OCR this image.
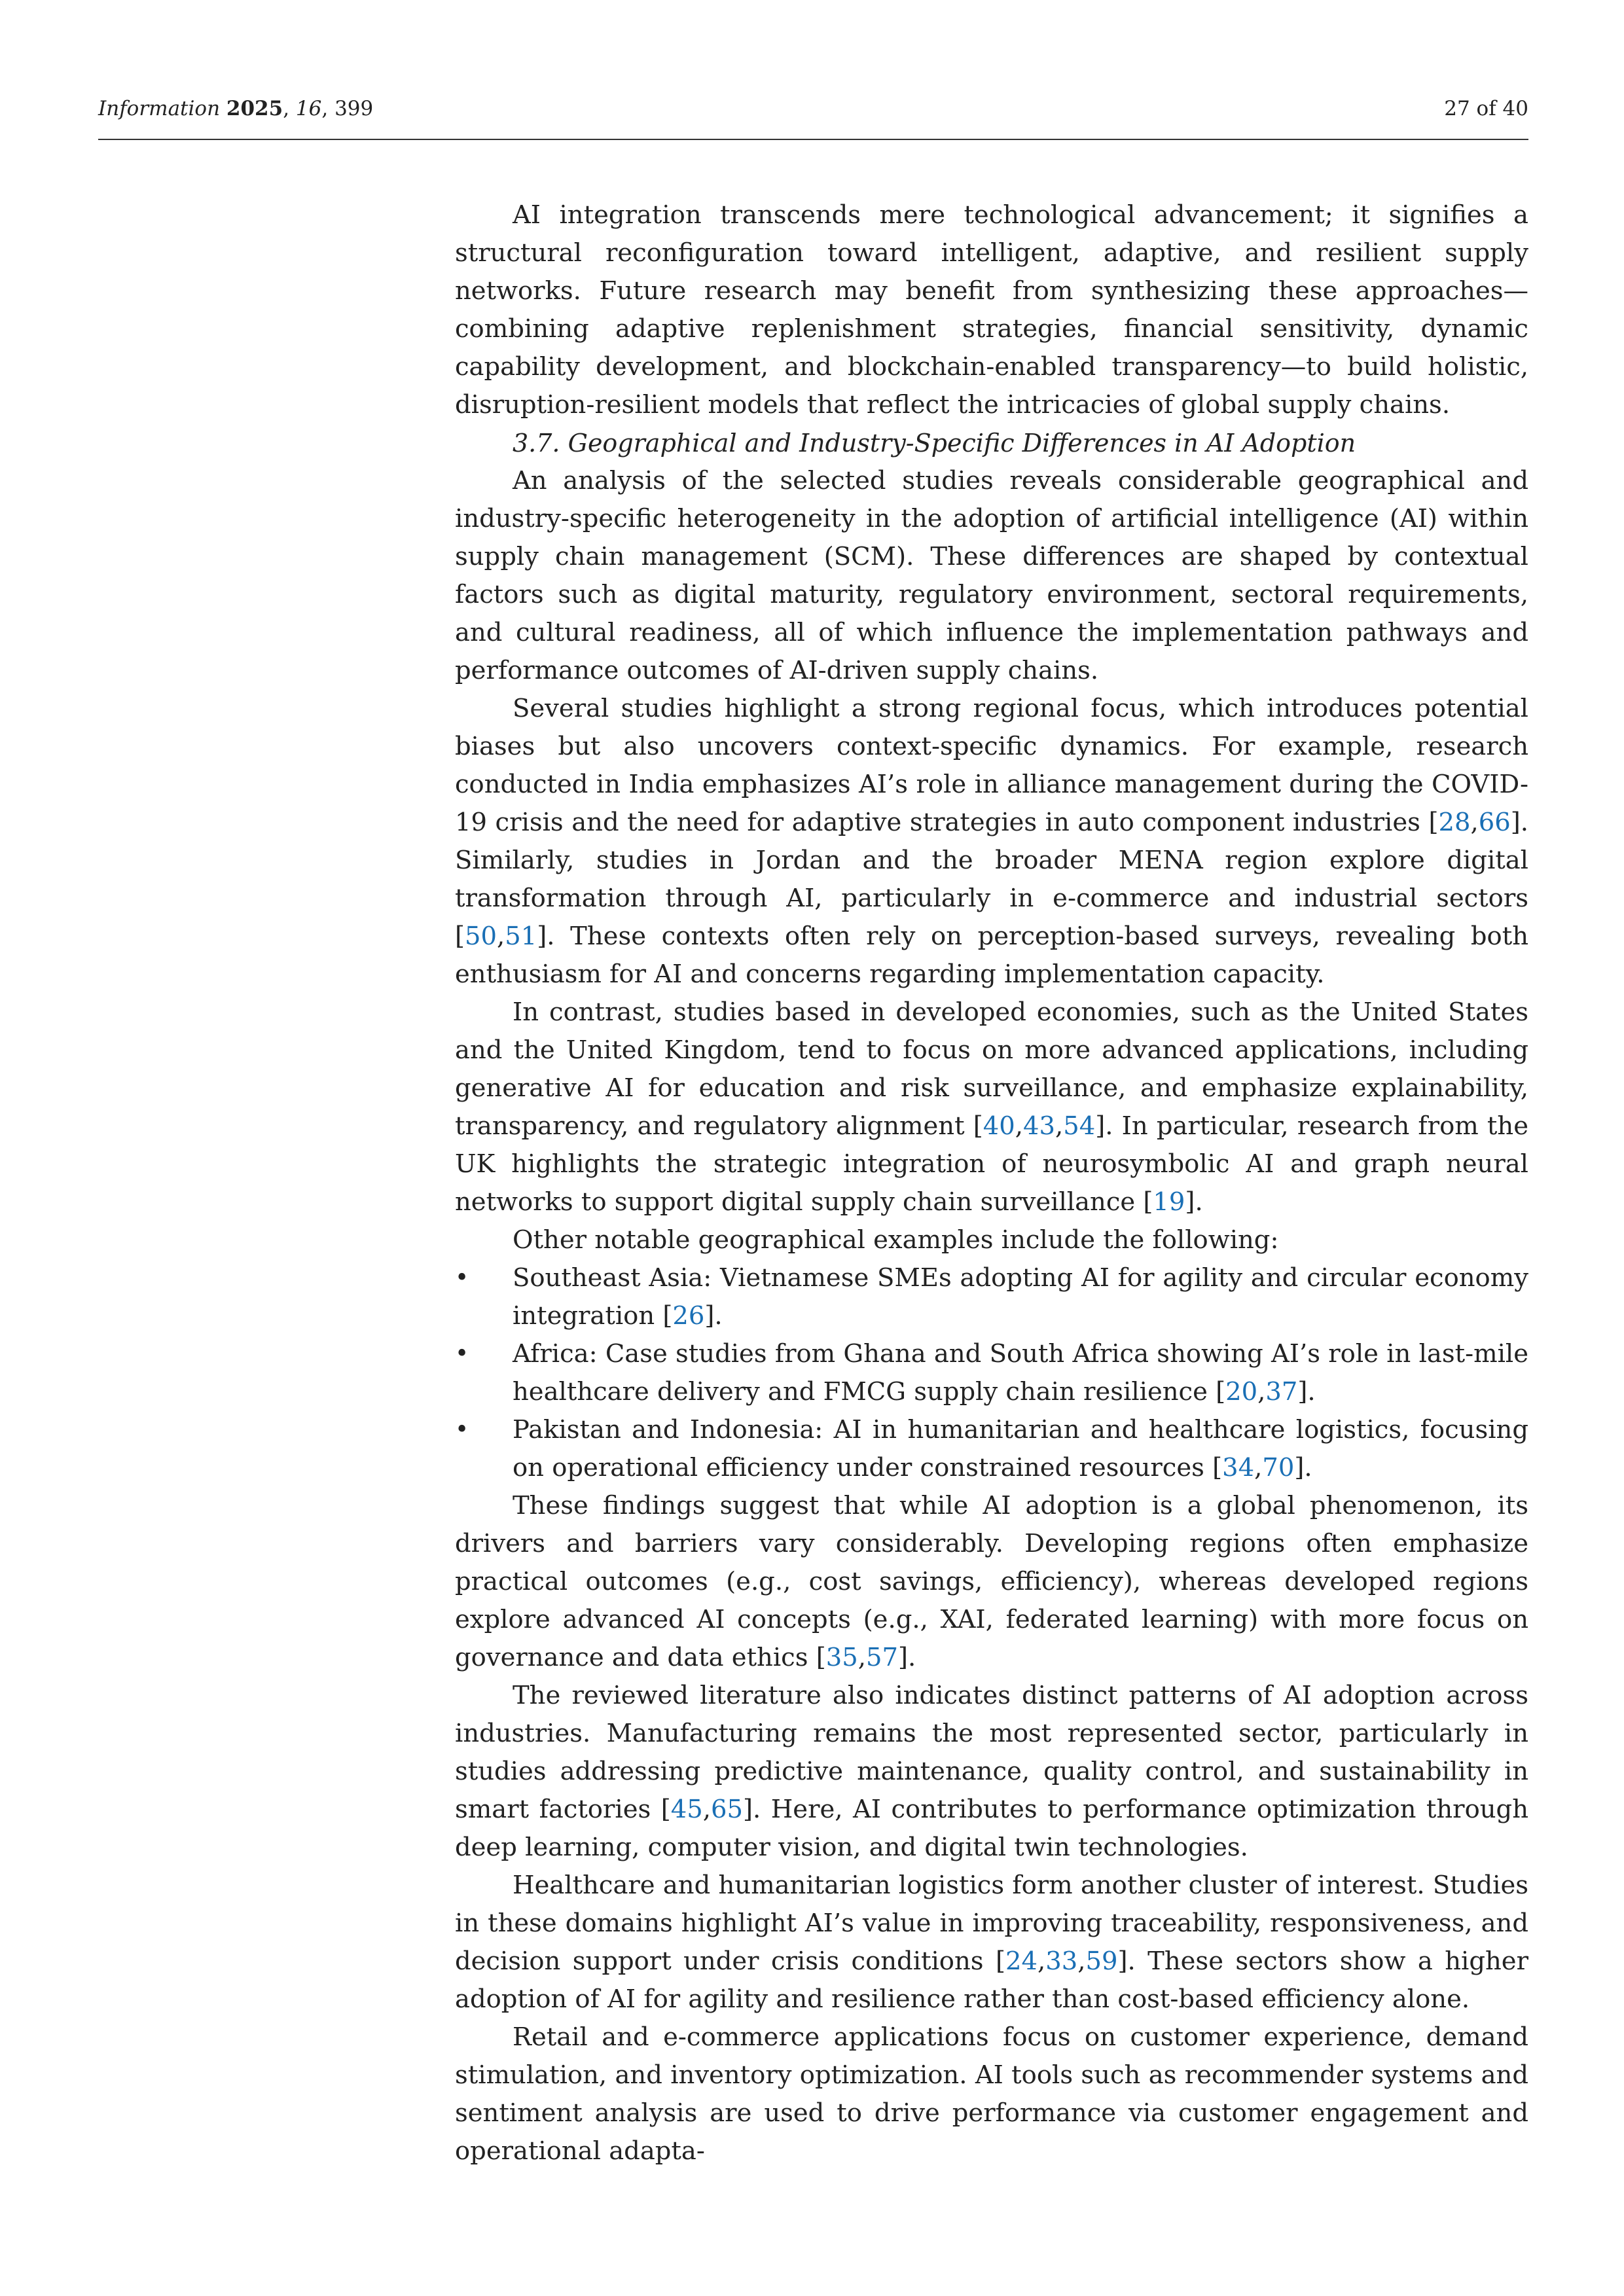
Information 2025, 16, 399	27 of 40

AI integration transcends mere technological advancement; it signifies a structural reconfiguration toward intelligent, adaptive, and resilient supply networks. Future research may benefit from synthesizing these approaches—combining adaptive replenishment strategies, financial sensitivity, dynamic capability development, and blockchain-enabled transparency—to build holistic, disruption-resilient models that reflect the intricacies of global supply chains.

3.7. Geographical and Industry-Specific Differences in AI Adoption

An analysis of the selected studies reveals considerable geographical and industry-specific heterogeneity in the adoption of artificial intelligence (AI) within supply chain management (SCM). These differences are shaped by contextual factors such as digital maturity, regulatory environment, sectoral requirements, and cultural readiness, all of which influence the implementation pathways and performance outcomes of AI-driven supply chains.

Several studies highlight a strong regional focus, which introduces potential biases but also uncovers context-specific dynamics. For example, research conducted in India emphasizes AI’s role in alliance management during the COVID-19 crisis and the need for adaptive strategies in auto component industries [28,66]. Similarly, studies in Jordan and the broader MENA region explore digital transformation through AI, particularly in e-commerce and industrial sectors [50,51]. These contexts often rely on perception-based surveys, revealing both enthusiasm for AI and concerns regarding implementation capacity.

In contrast, studies based in developed economies, such as the United States and the United Kingdom, tend to focus on more advanced applications, including generative AI for education and risk surveillance, and emphasize explainability, transparency, and regulatory alignment [40,43,54]. In particular, research from the UK highlights the strategic integration of neurosymbolic AI and graph neural networks to support digital supply chain surveillance [19].

Other notable geographical examples include the following:

• Southeast Asia: Vietnamese SMEs adopting AI for agility and circular economy integration [26].
• Africa: Case studies from Ghana and South Africa showing AI’s role in last-mile healthcare delivery and FMCG supply chain resilience [20,37].
• Pakistan and Indonesia: AI in humanitarian and healthcare logistics, focusing on operational efficiency under constrained resources [34,70].

These findings suggest that while AI adoption is a global phenomenon, its drivers and barriers vary considerably. Developing regions often emphasize practical outcomes (e.g., cost savings, efficiency), whereas developed regions explore advanced AI concepts (e.g., XAI, federated learning) with more focus on governance and data ethics [35,57].

The reviewed literature also indicates distinct patterns of AI adoption across industries. Manufacturing remains the most represented sector, particularly in studies addressing predictive maintenance, quality control, and sustainability in smart factories [45,65]. Here, AI contributes to performance optimization through deep learning, computer vision, and digital twin technologies.

Healthcare and humanitarian logistics form another cluster of interest. Studies in these domains highlight AI’s value in improving traceability, responsiveness, and decision support under crisis conditions [24,33,59]. These sectors show a higher adoption of AI for agility and resilience rather than cost-based efficiency alone.

Retail and e-commerce applications focus on customer experience, demand stimulation, and inventory optimization. AI tools such as recommender systems and sentiment analysis are used to drive performance via customer engagement and operational adapta-
